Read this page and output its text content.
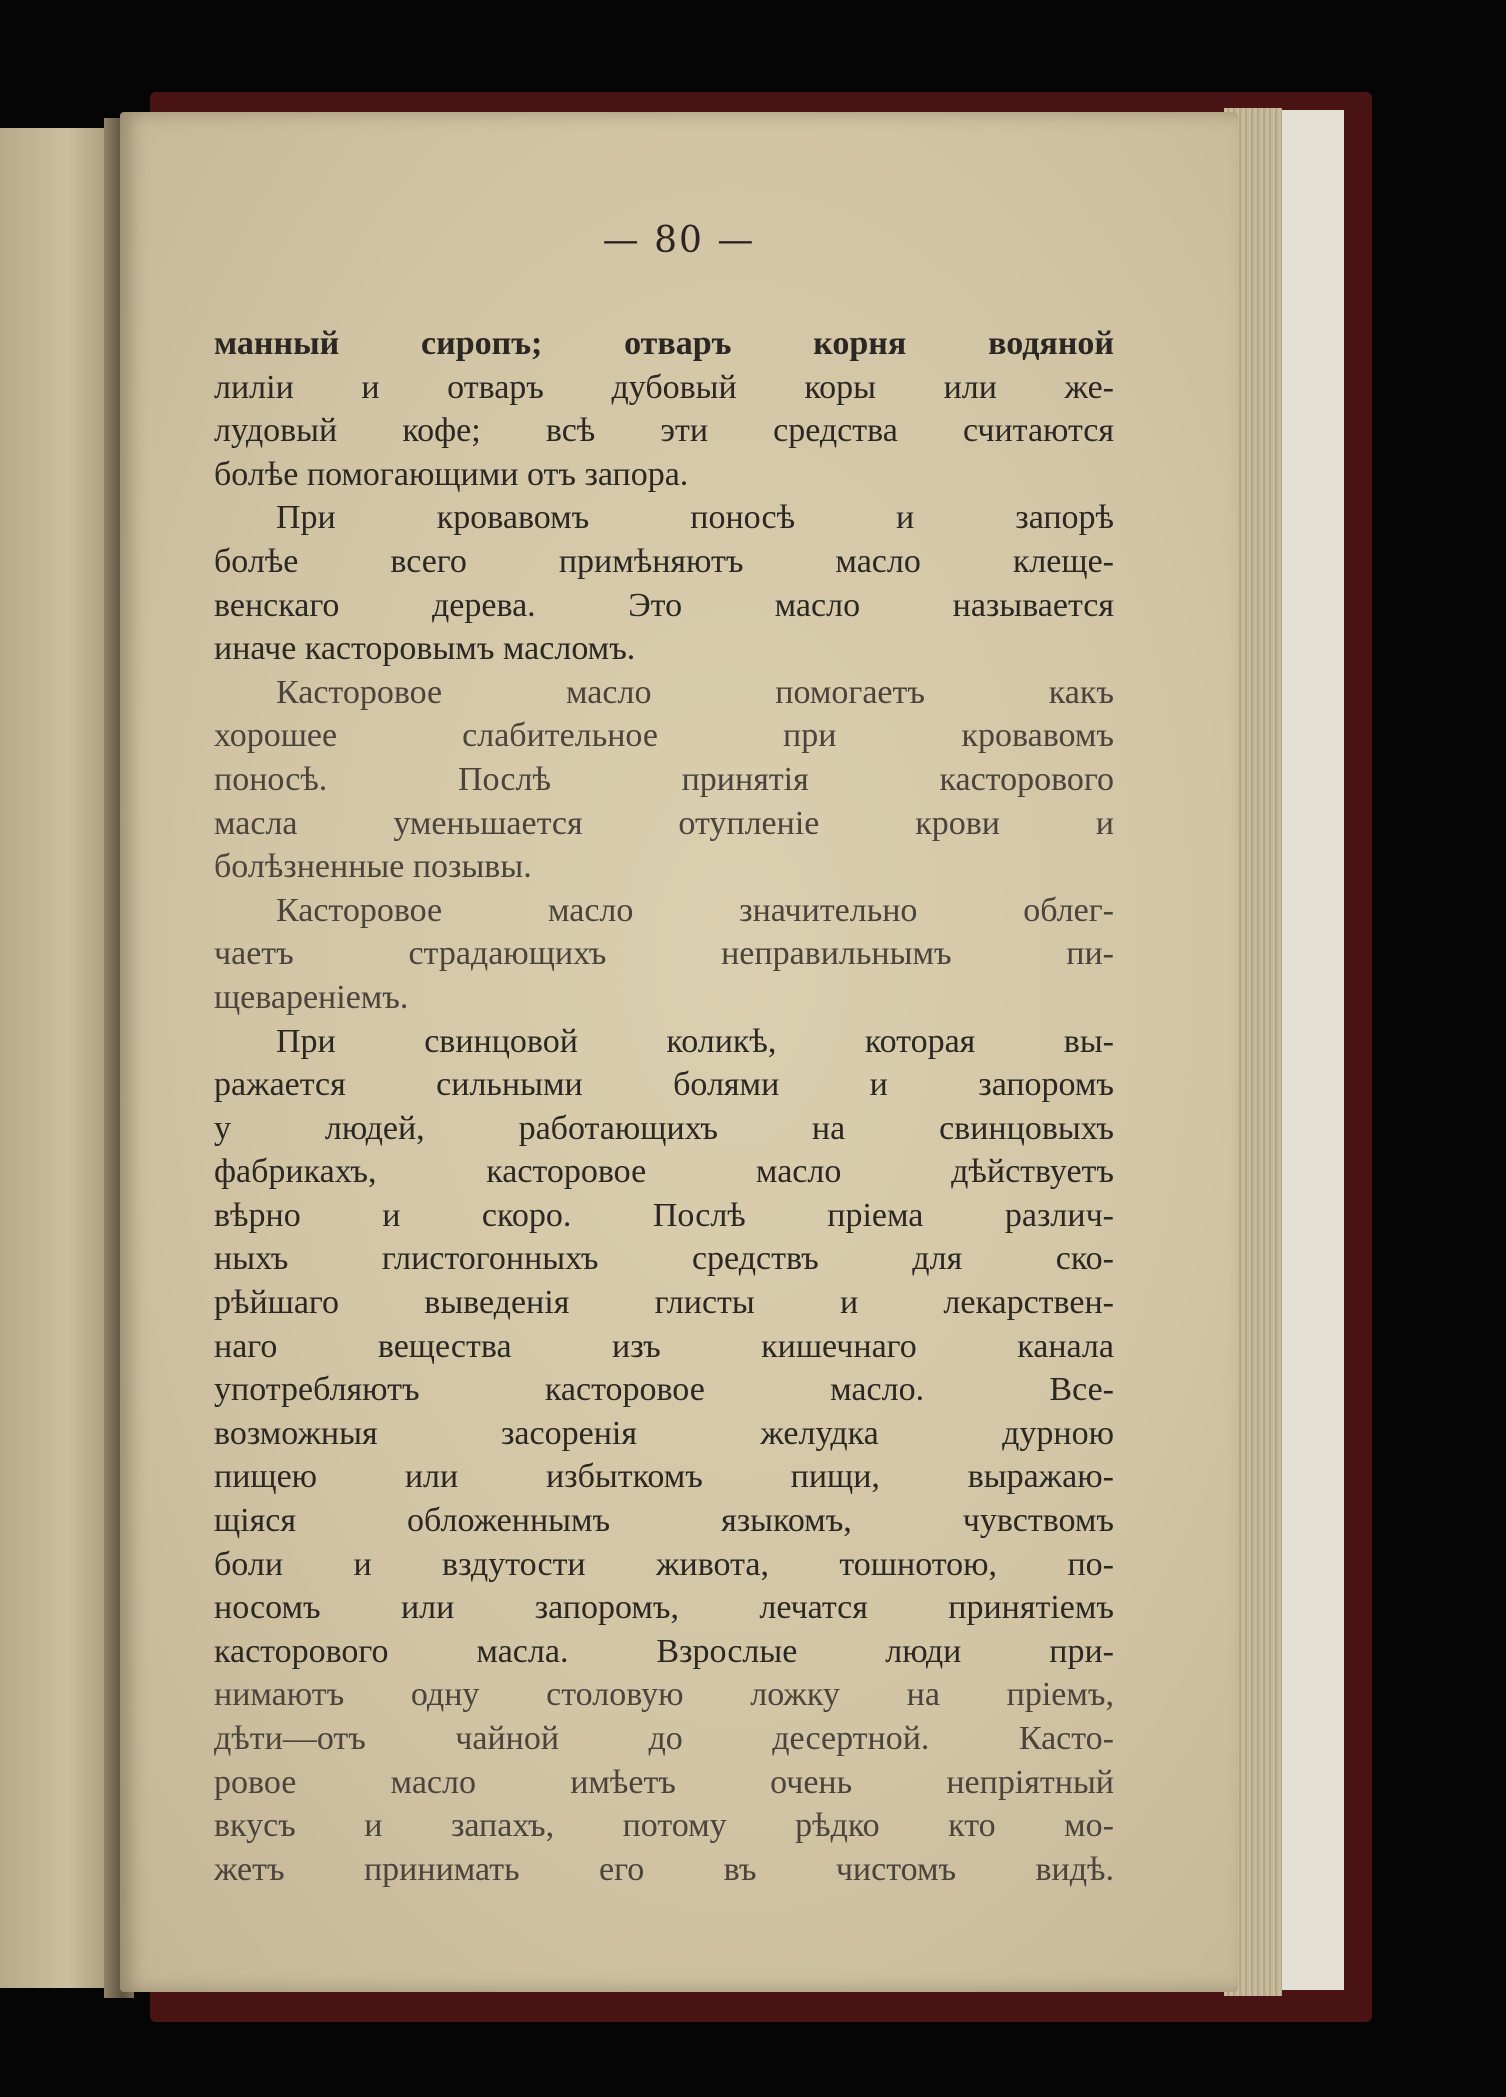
— 80 —
манный сиропъ; отваръ корня водяной
лиліи и отваръ дубовый коры или же-
лудовый кофе; всѣ эти средства считаются
болѣе помогающими отъ запора.
При кровавомъ поносѣ и запорѣ
болѣе всего примѣняютъ масло клеще-
венскаго дерева. Это масло называется
иначе касторовымъ масломъ.
Касторовое масло помогаетъ какъ
хорошее слабительное при кровавомъ
поносѣ. Послѣ принятія касторового
масла уменьшается отупленіе крови и
болѣзненные позывы.
Касторовое масло значительно облег-
чаетъ страдающихъ неправильнымъ пи-
щевареніемъ.
При свинцовой коликѣ, которая вы-
ражается сильными болями и запоромъ
у людей, работающихъ на свинцовыхъ
фабрикахъ, касторовое масло дѣйствуетъ
вѣрно и скоро. Послѣ пріема различ-
ныхъ глистогонныхъ средствъ для ско-
рѣйшаго выведенія глисты и лекарствен-
наго вещества изъ кишечнаго канала
употребляютъ касторовое масло. Все-
возможныя засоренія желудка дурною
пищею или избыткомъ пищи, выражаю-
щіяся обложеннымъ языкомъ, чувствомъ
боли и вздутости живота, тошнотою, по-
носомъ или запоромъ, лечатся принятіемъ
касторового масла. Взрослые люди при-
нимаютъ одну столовую ложку на пріемъ,
дѣти—отъ чайной до десертной. Касто-
ровое масло имѣетъ очень непріятный
вкусъ и запахъ, потому рѣдко кто мо-
жетъ принимать его въ чистомъ видѣ.
